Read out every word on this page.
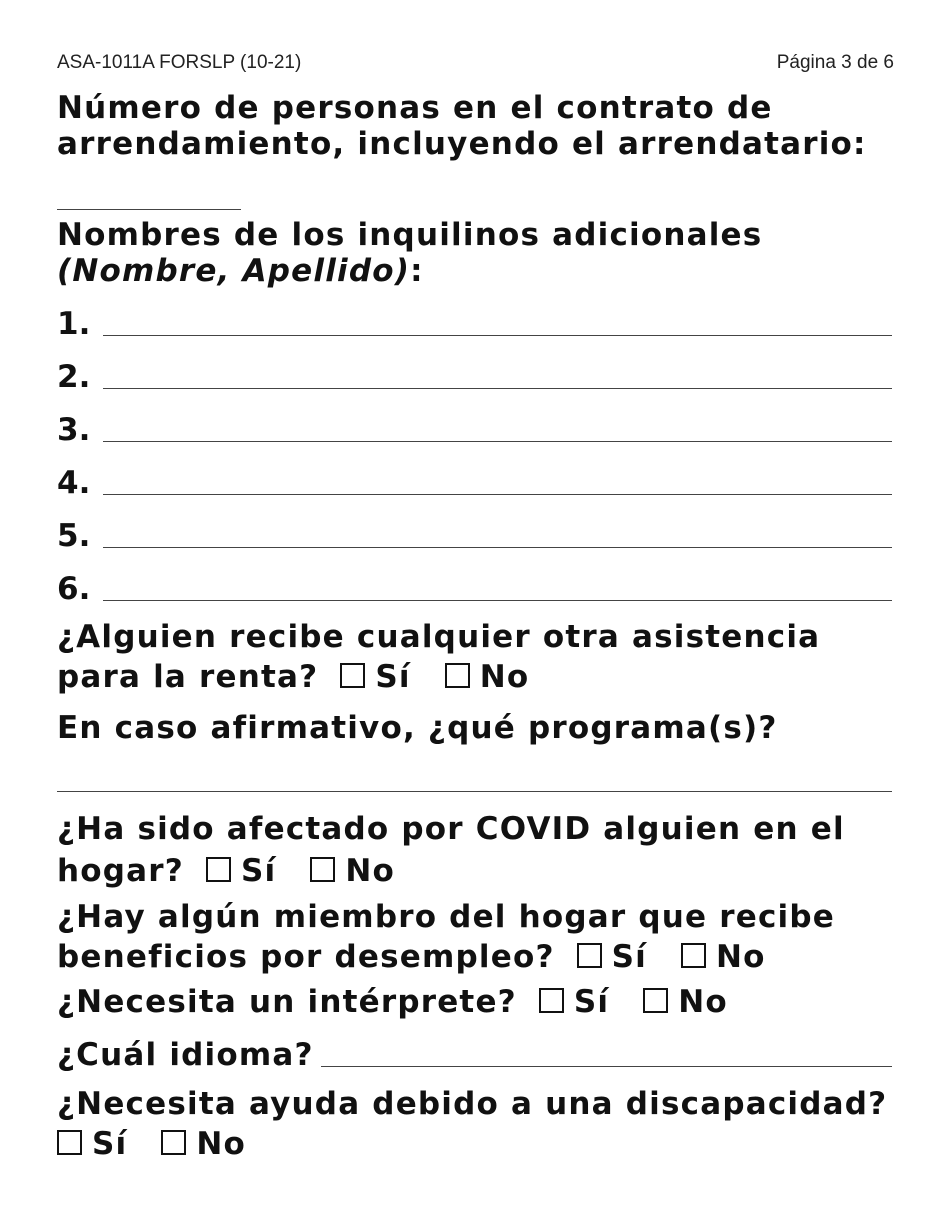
ASA-1011A FORSLP (10-21)	Página 3 de 6
Número de personas en el contrato de
arrendamiento, incluyendo el arrendatario:
Nombres de los inquilinos adicionales
(Nombre, Apellido):
1.
2.
3.
4.
5.
6.
¿Alguien recibe cualquier otra asistencia
para la renta? Sí No
En caso afirmativo, ¿qué programa(s)?
¿Ha sido afectado por COVID alguien en el
hogar? Sí No
¿Hay algún miembro del hogar que recibe
beneficios por desempleo? Sí No
¿Necesita un intérprete? Sí No
¿Cuál idioma?
¿Necesita ayuda debido a una discapacidad?
Sí No
